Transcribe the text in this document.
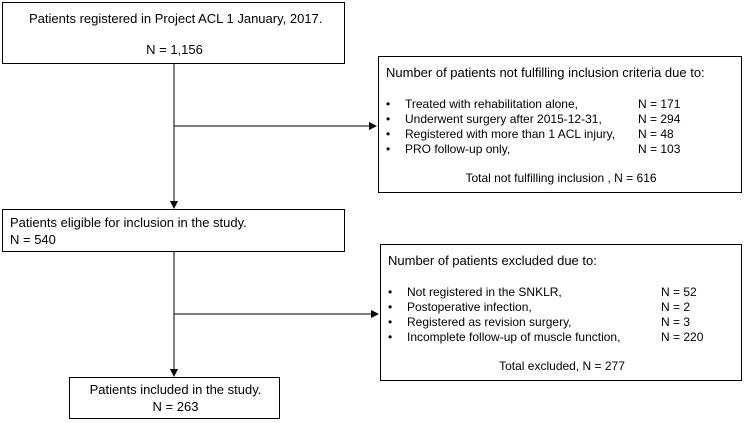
Patients registered in Project ACL 1 January, 2017.
N = 1,156
Number of patients not fulfilling inclusion criteria due to:
• Treated with rehabilitation alone,	N = 171
• Underwent surgery after 2015-12-31,	N = 294
• Registered with more than 1 ACL injury, N = 48
• PRO follow-up only,	N = 103
Total not fulfilling inclusion , N = 616
Patients eligible for inclusion in the study.
N = 540
Number of patients excluded due to:
• Not registered in the SNKLR,	N = 52
• Postoperative infection,	N = 2
• Registered as revision surgery,	N = 3
• Incomplete follow-up of muscle function,	N = 220
Total excluded, N = 277
Patients included in the study.
N = 263
